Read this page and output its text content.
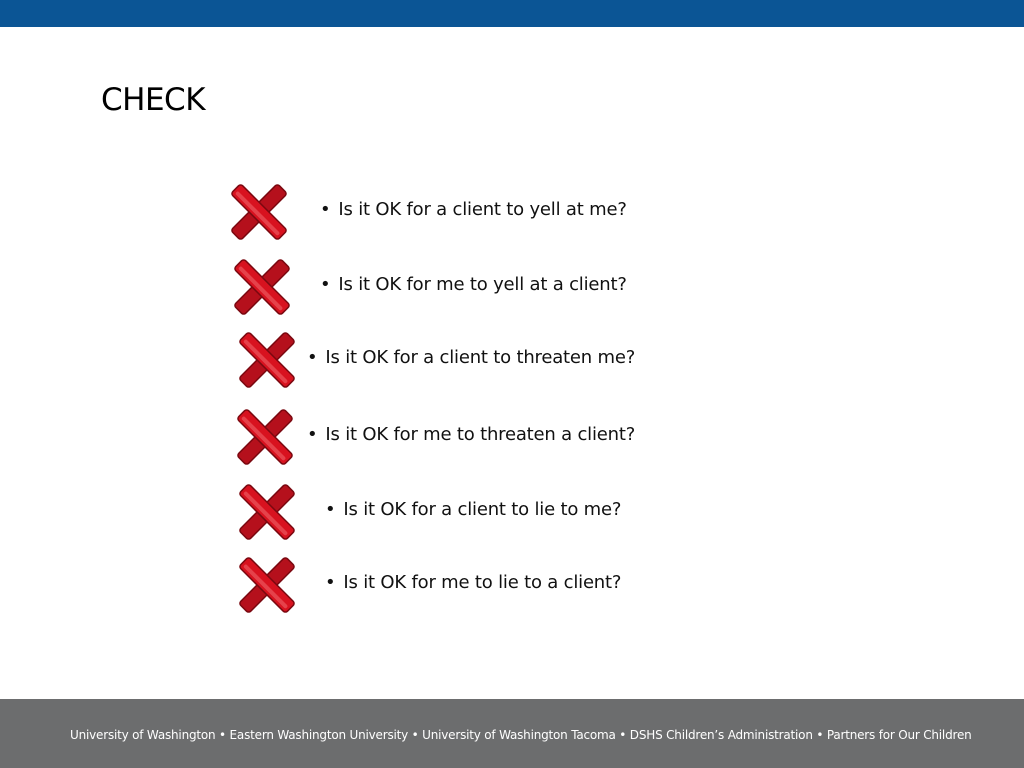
CHECK
• Is it OK for a client to yell at me?
• Is it OK for me to yell at a client?
• Is it OK for a client to threaten me?
• Is it OK for me to threaten a client?
• Is it OK for a client to lie to me?
• Is it OK for me to lie to a client?
University of Washington • Eastern Washington University • University of Washington Tacoma • DSHS Children’s Administration • Partners for Our Children
